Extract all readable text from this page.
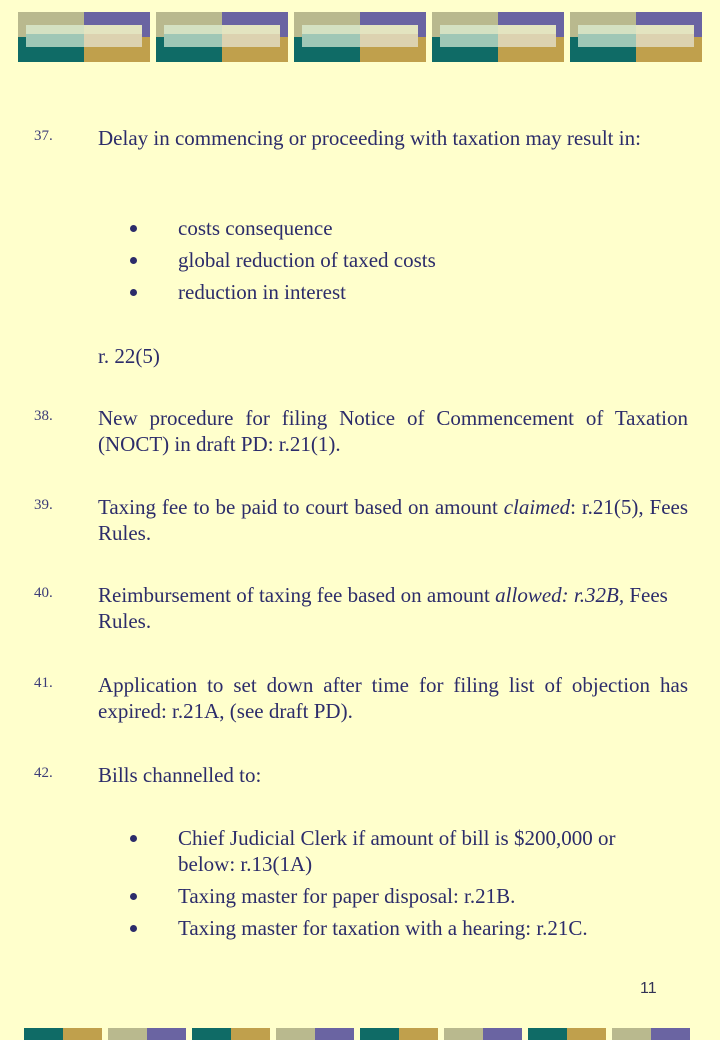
37. Delay in commencing or proceeding with taxation may result in:
costs consequence
global reduction of taxed costs
reduction in interest
r. 22(5)
38. New procedure for filing Notice of Commencement of Taxation (NOCT) in draft PD: r.21(1).
39. Taxing fee to be paid to court based on amount claimed: r.21(5), Fees Rules.
40. Reimbursement of taxing fee based on amount allowed: r.32B, Fees Rules.
41. Application to set down after time for filing list of objection has expired: r.21A, (see draft PD).
42. Bills channelled to:
Chief Judicial Clerk if amount of bill is $200,000 or below: r.13(1A)
Taxing master for paper disposal: r.21B.
Taxing master for taxation with a hearing: r.21C.
11
